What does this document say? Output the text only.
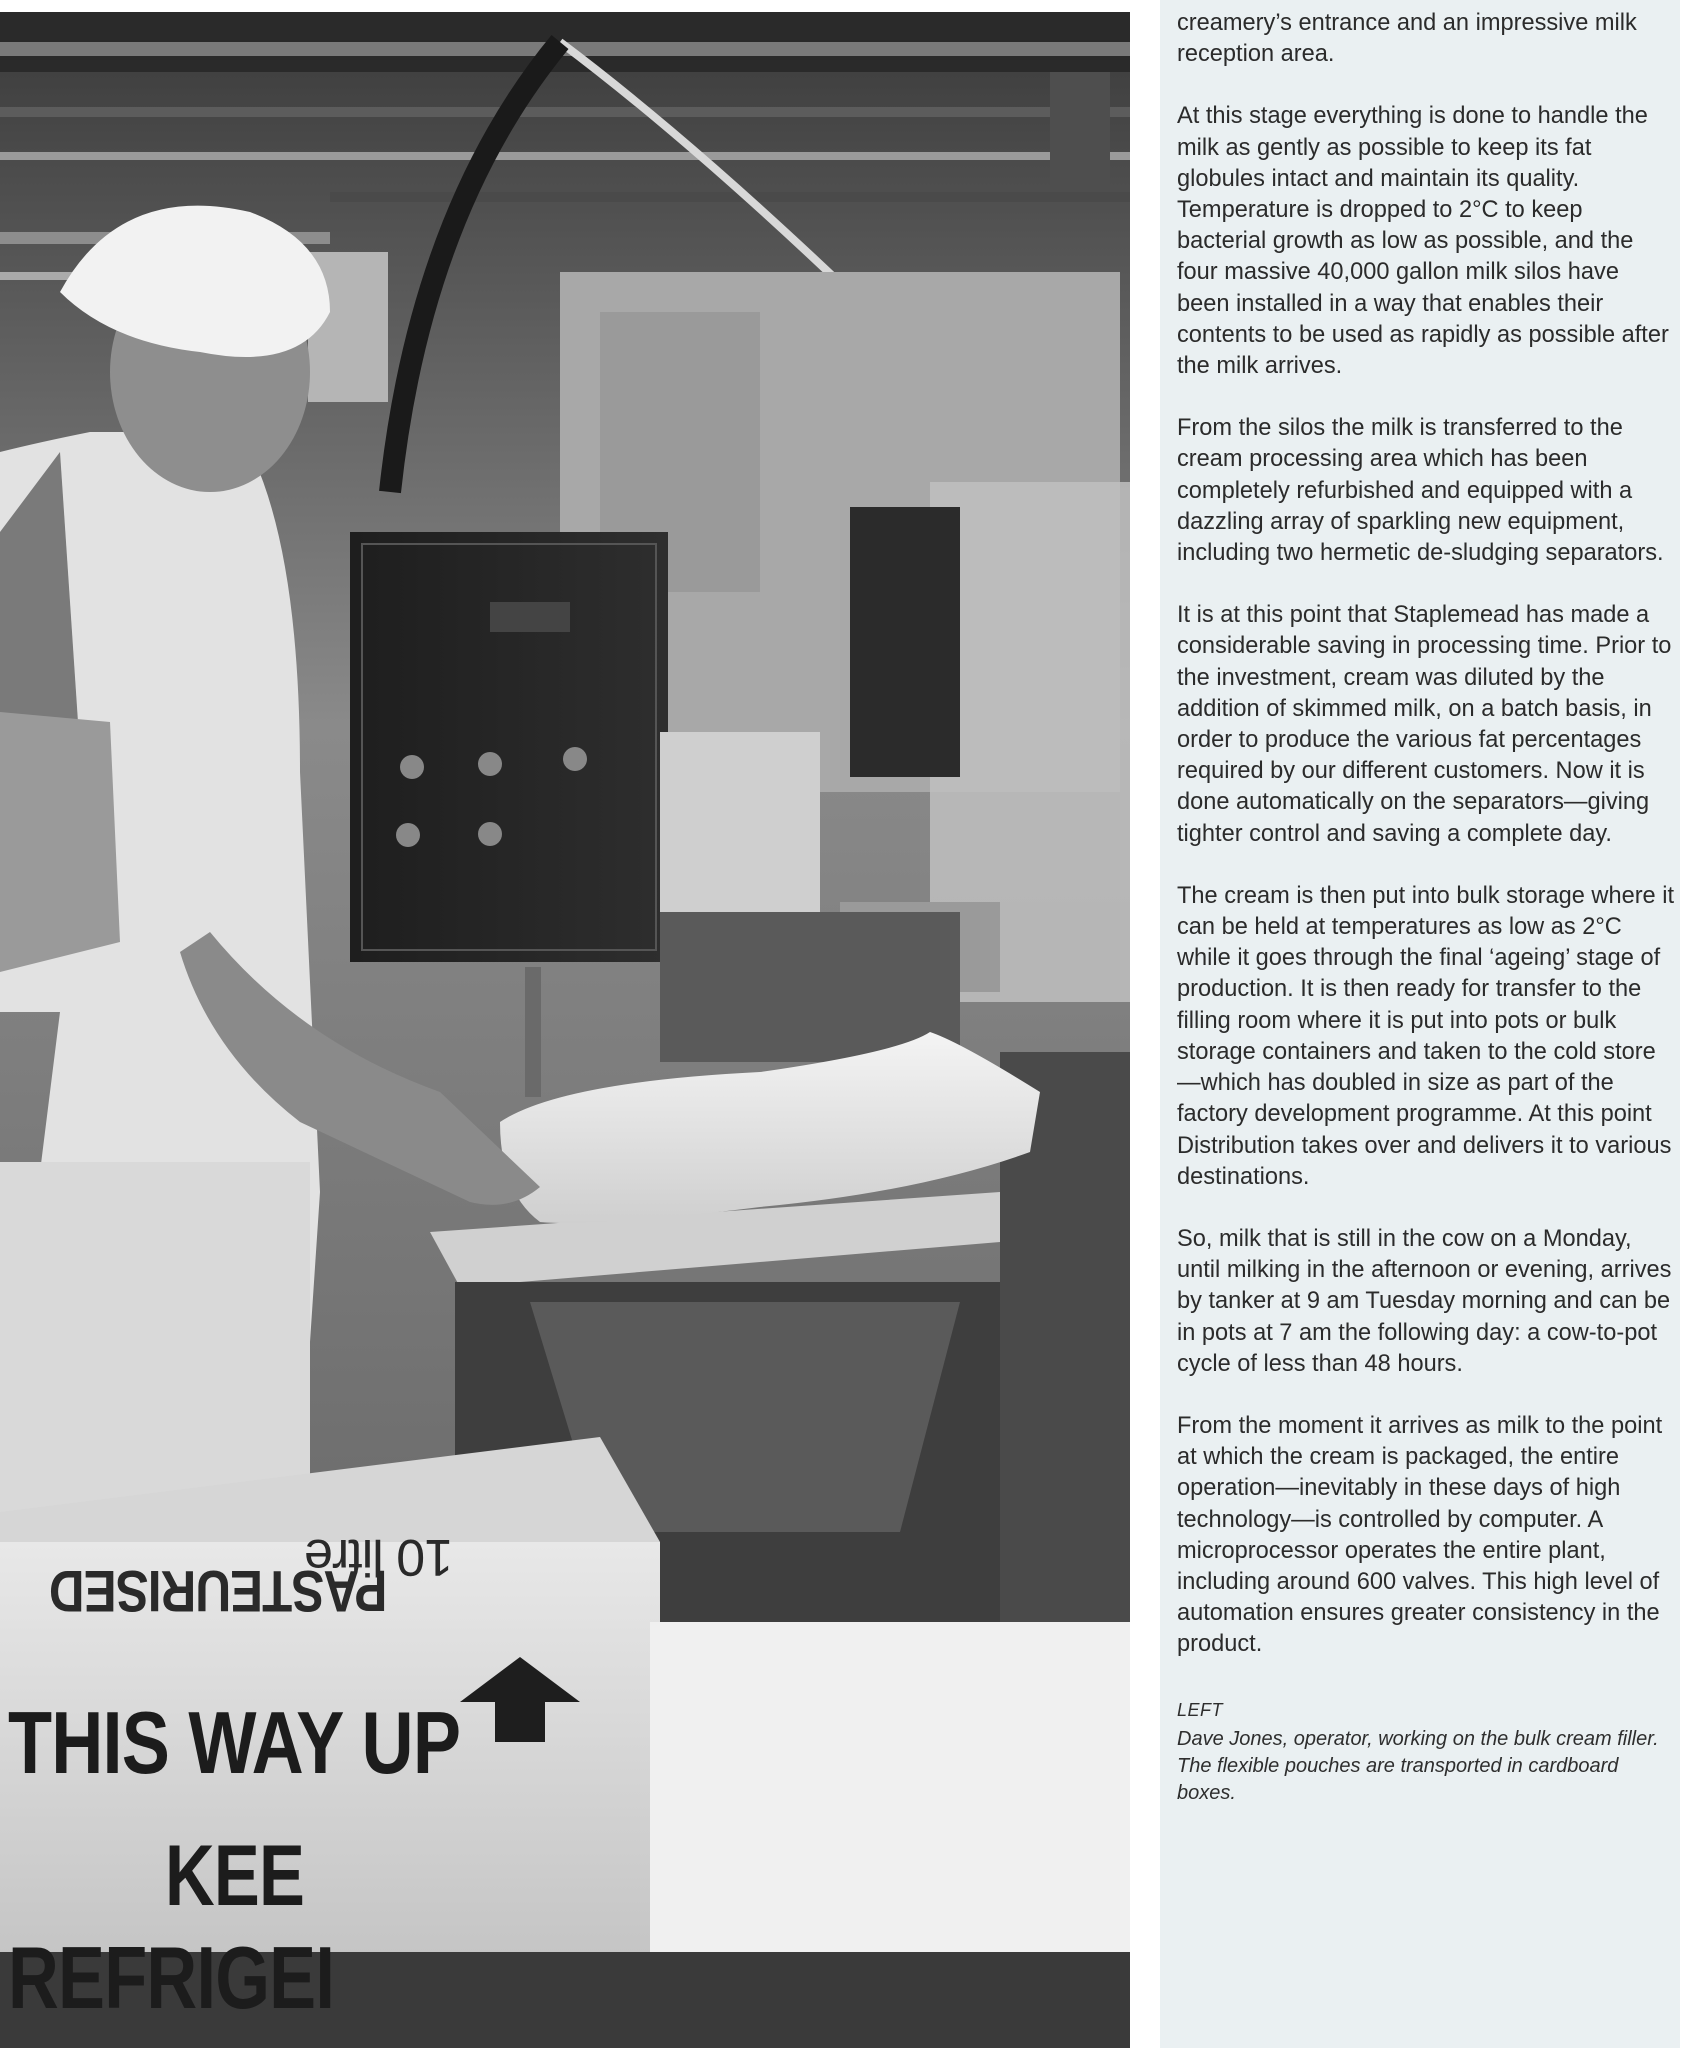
PASTEURISED
10 litre
THIS WAY UP
KEE
REFRIGEI

creamery’s entrance and an impressive milk reception area.

At this stage everything is done to handle the milk as gently as possible to keep its fat globules intact and maintain its quality. Temperature is dropped to 2°C to keep bacterial growth as low as possible, and the four massive 40,000 gallon milk silos have been installed in a way that enables their contents to be used as rapidly as possible after the milk arrives.

From the silos the milk is transferred to the cream processing area which has been completely refurbished and equipped with a dazzling array of sparkling new equipment, including two hermetic de-sludging separators.

It is at this point that Staplemead has made a considerable saving in processing time. Prior to the investment, cream was diluted by the addition of skimmed milk, on a batch basis, in order to produce the various fat percentages required by our different customers. Now it is done automatically on the separators—giving tighter control and saving a complete day.

The cream is then put into bulk storage where it can be held at temperatures as low as 2°C while it goes through the final ‘ageing’ stage of production. It is then ready for transfer to the filling room where it is put into pots or bulk storage containers and taken to the cold store—which has doubled in size as part of the factory development programme. At this point Distribution takes over and delivers it to various destinations.

So, milk that is still in the cow on a Monday, until milking in the afternoon or evening, arrives by tanker at 9 am Tuesday morning and can be in pots at 7 am the following day: a cow-to-pot cycle of less than 48 hours.

From the moment it arrives as milk to the point at which the cream is packaged, the entire operation—inevitably in these days of high technology—is controlled by computer. A microprocessor operates the entire plant, including around 600 valves. This high level of automation ensures greater consistency in the product.

LEFT
Dave Jones, operator, working on the bulk cream filler. The flexible pouches are transported in cardboard boxes.
